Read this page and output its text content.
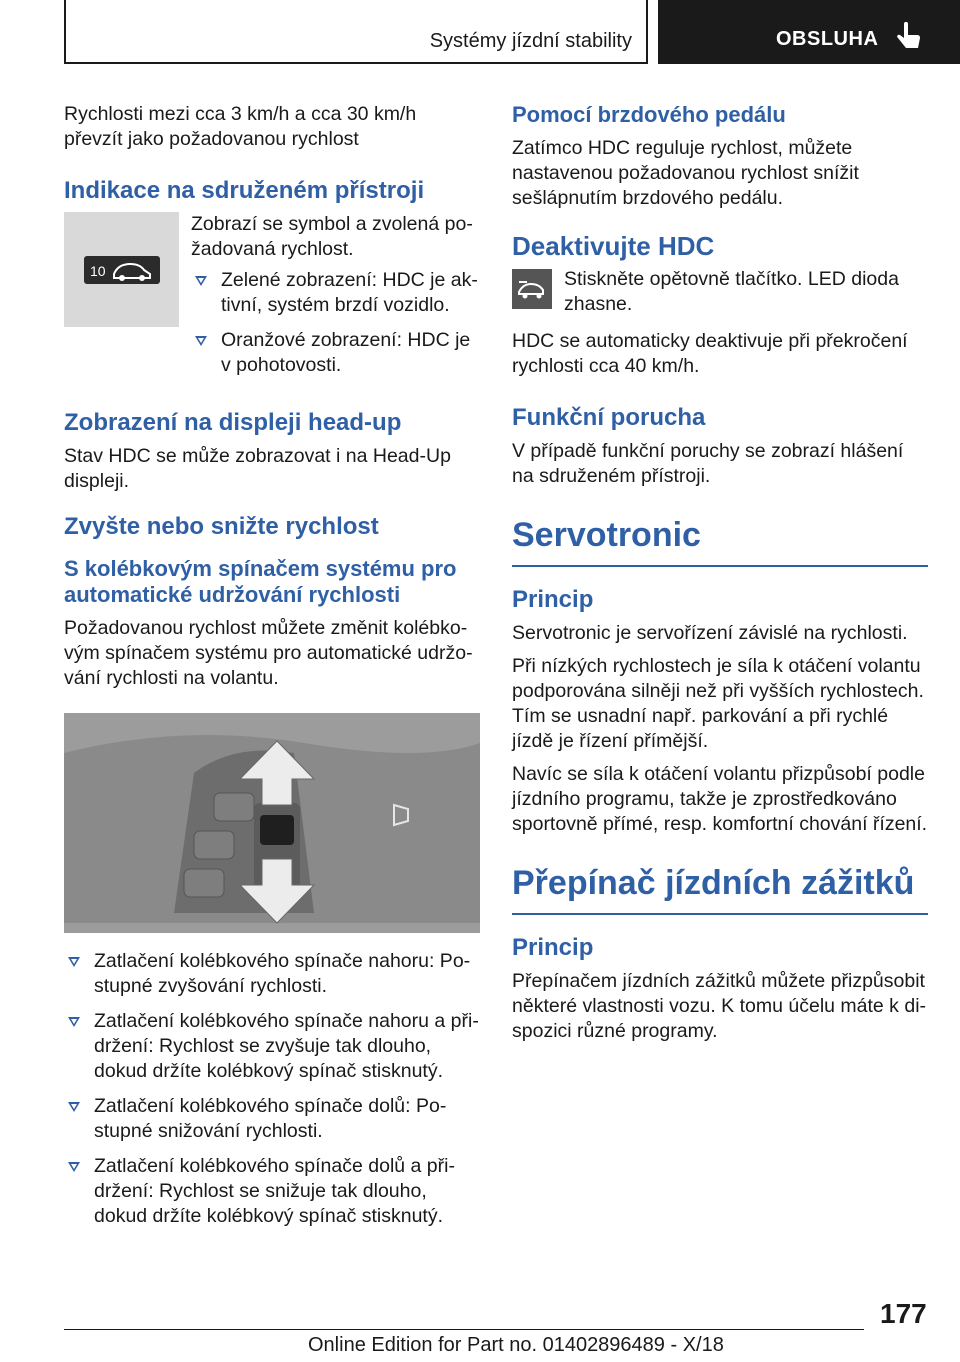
Systémy jízdní stability	OBSLUHA

Rychlosti mezi cca 3 km/h a cca 30 km/h převzít jako požadovanou rychlost

Indikace na sdruženém přístroji
10

Zobrazí se symbol a zvolená požadovaná rychlost.

Zelené zobrazení: HDC je aktivní, systém brzdí vozidlo.
Oranžové zobrazení: HDC je v pohotovosti.
Zobrazení na displeji head-up

Stav HDC se může zobrazovat i na Head-Up displeji.

Zvyšte nebo snižte rychlost
S kolébkovým spínačem systému pro automatické udržování rychlosti

Požadovanou rychlost můžete změnit kolébkovým spínačem systému pro automatické udržování rychlosti na volantu.

Zatlačení kolébkového spínače nahoru: Postupné zvyšování rychlosti.
Zatlačení kolébkového spínače nahoru a přidržení: Rychlost se zvyšuje tak dlouho, dokud držíte kolébkový spínač stisknutý.
Zatlačení kolébkového spínače dolů: Postupné snižování rychlosti.
Zatlačení kolébkového spínače dolů a přidržení: Rychlost se snižuje tak dlouho, dokud držíte kolébkový spínač stisknutý.
Pomocí brzdového pedálu

Zatímco HDC reguluje rychlost, můžete nastavenou požadovanou rychlost snížit sešlápnutím brzdového pedálu.

Deaktivujte HDC

Stiskněte opětovně tlačítko. LED dioda zhasne.

HDC se automaticky deaktivuje při překročení rychlosti cca 40 km/h.

Funkční porucha

V případě funkční poruchy se zobrazí hlášení na sdruženém přístroji.

Servotronic
Princip

Servotronic je servořízení závislé na rychlosti.

Při nízkých rychlostech je síla k otáčení volantu podporována silněji než při vyšších rychlostech. Tím se usnadní např. parkování a při rychlé jízdě je řízení přímější.

Navíc se síla k otáčení volantu přizpůsobí podle jízdního programu, takže je zprostředkováno sportovně přímé, resp. komfortní chování řízení.

Přepínač jízdních zážitků
Princip

Přepínačem jízdních zážitků můžete přizpůsobit některé vlastnosti vozu. K tomu účelu máte k dispozici různé programy.

177
Online Edition for Part no. 01402896489 - X/18
